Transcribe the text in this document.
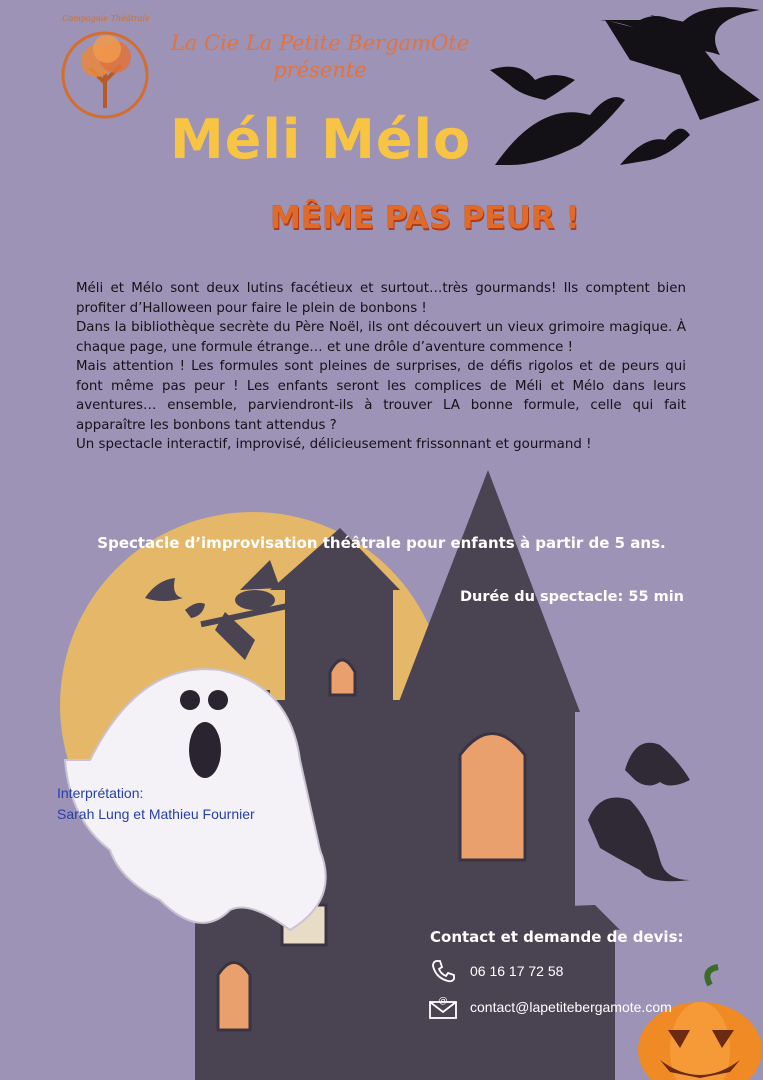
Compagnie Théâtrale
La Cie La Petite BergamOte
présente
Méli Mélo
MÊME PAS PEUR !

Méli et Mélo sont deux lutins facétieux et surtout…très gourmands! Ils comptent bien profiter d’Halloween pour faire le plein de bonbons !

Dans la bibliothèque secrète du Père Noël, ils ont découvert un vieux grimoire magique. À chaque page, une formule étrange… et une drôle d’aventure commence !

Mais attention ! Les formules sont pleines de surprises, de défis rigolos et de peurs qui font même pas peur ! Les enfants seront les complices de Méli et Mélo dans leurs aventures… ensemble, parviendront-ils à trouver LA bonne formule, celle qui fait apparaître les bonbons tant attendus ?

Un spectacle interactif, improvisé, délicieusement frissonnant et gourmand !

Spectacle d’improvisation théâtrale pour enfants à partir de 5 ans.
Durée du spectacle: 55 min
Interprétation:
Sarah Lung et Mathieu Fournier
Contact et demande de devis:
06 16 17 72 58
@ contact@lapetitebergamote.com
